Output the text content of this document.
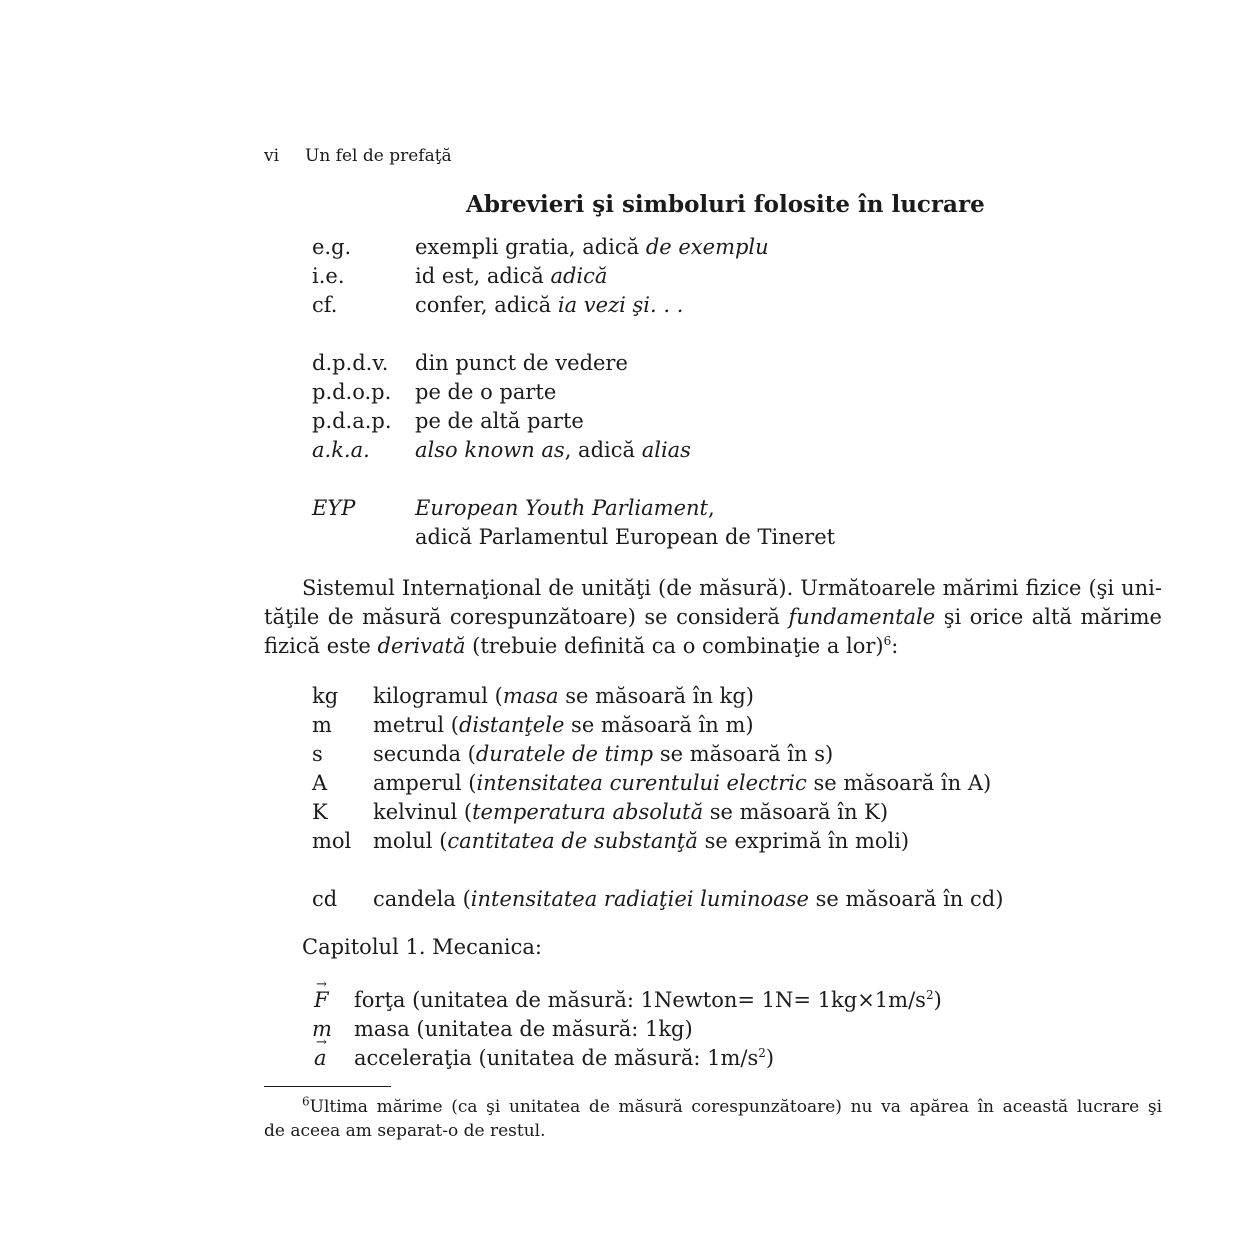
vi Un fel de prefaţă
Abrevieri şi simboluri folosite în lucrare
e.g.	exempli gratia, adică de exemplu
i.e.	id est, adică adică
cf.	confer, adică ia vezi şi. . .
d.p.d.v. din punct de vedere
p.d.o.p. pe de o parte
p.d.a.p. pe de altă parte
a.k.a. also known as, adică alias
EYP	European Youth Parliament,
adică Parlamentul European de Tineret
Sistemul Internaţional de unităţi (de măsură). Următoarele mărimi fizice (şi uni-
tăţile de măsură corespunzătoare) se consideră fundamentale şi orice altă mărime
fizică este derivată (trebuie definită ca o combinaţie a lor)$^6$:
kg kilogramul (masa se măsoară în kg)
m metrul (distanţele se măsoară în m)
s secunda (duratele de timp se măsoară în s)
A amperul (intensitatea curentului electric se măsoară în A)
K kelvinul (temperatura absolută se măsoară în K)
mol molul (cantitatea de substanţă se exprimă în moli)
cd candela (intensitatea radiaţiei luminoase se măsoară în cd)
Capitolul 1. Mecanica:
→ F forţa (unitatea de măsură: 1Newton= $1N= 1kg\times 1m/s^2$)
m masa (unitatea de măsură: 1kg)
→ a acceleraţia (unitatea de măsură: $1m/s^2$)
$^6$Ultima mărime (ca şi unitatea de măsură corespunzătoare) nu va apărea în această lucrare şi
de aceea am separat-o de restul.
